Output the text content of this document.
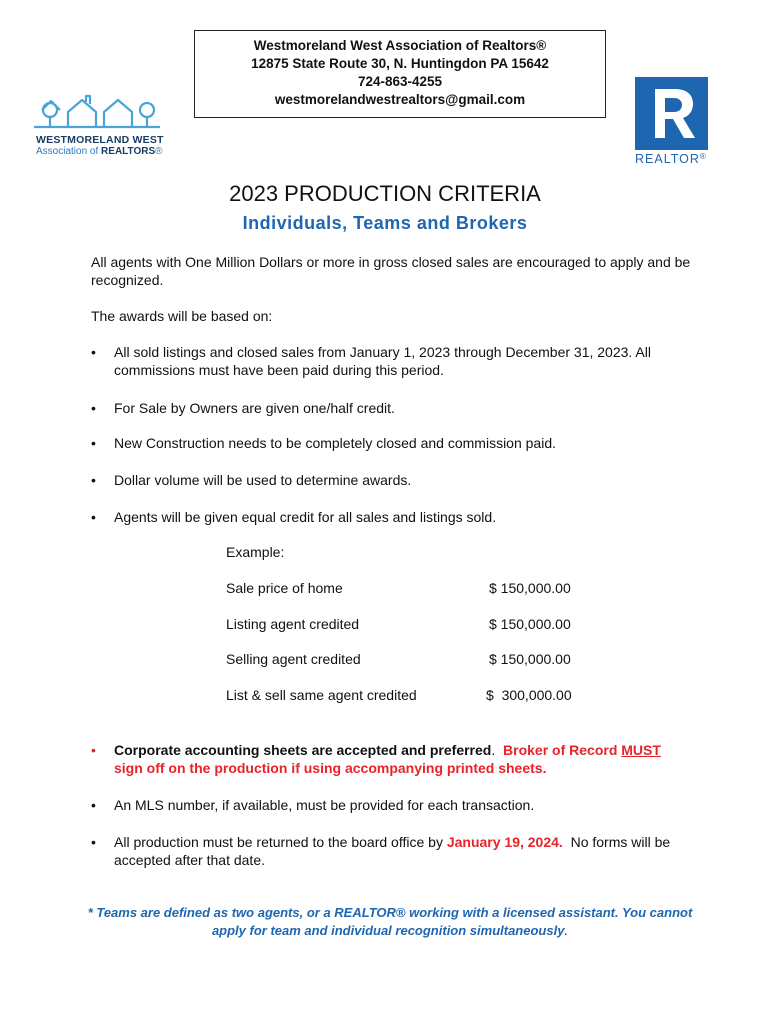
WESTMORELAND WEST
Association of REALTORS®
Westmoreland West Association of Realtors®
12875 State Route 30, N. Huntingdon PA 15642
724-863-4255
westmorelandwestrealtors@gmail.com
REALTOR®
2023 PRODUCTION CRITERIA
Individuals, Teams and Brokers
All agents with One Million Dollars or more in gross closed sales are encouraged to apply and be recognized.
The awards will be based on:
• All sold listings and closed sales from January 1, 2023 through December 31, 2023. All commissions must have been paid during this period.
• For Sale by Owners are given one/half credit.
• New Construction needs to be completely closed and commission paid.
• Dollar volume will be used to determine awards.
• Agents will be given equal credit for all sales and listings sold.
Example:
Sale price of home	$ 150,000.00
Listing agent credited	$ 150,000.00
Selling agent credited	$ 150,000.00
List & sell same agent credited	$  300,000.00
• Corporate accounting sheets are accepted and preferred. Broker of Record MUST
sign off on the production if using accompanying printed sheets.
• An MLS number, if available, must be provided for each transaction.
• All production must be returned to the board office by January 19, 2024.  No forms will be
accepted after that date.
* Teams are defined as two agents, or a REALTOR® working with a licensed assistant. You cannot
apply for team and individual recognition simultaneously.
